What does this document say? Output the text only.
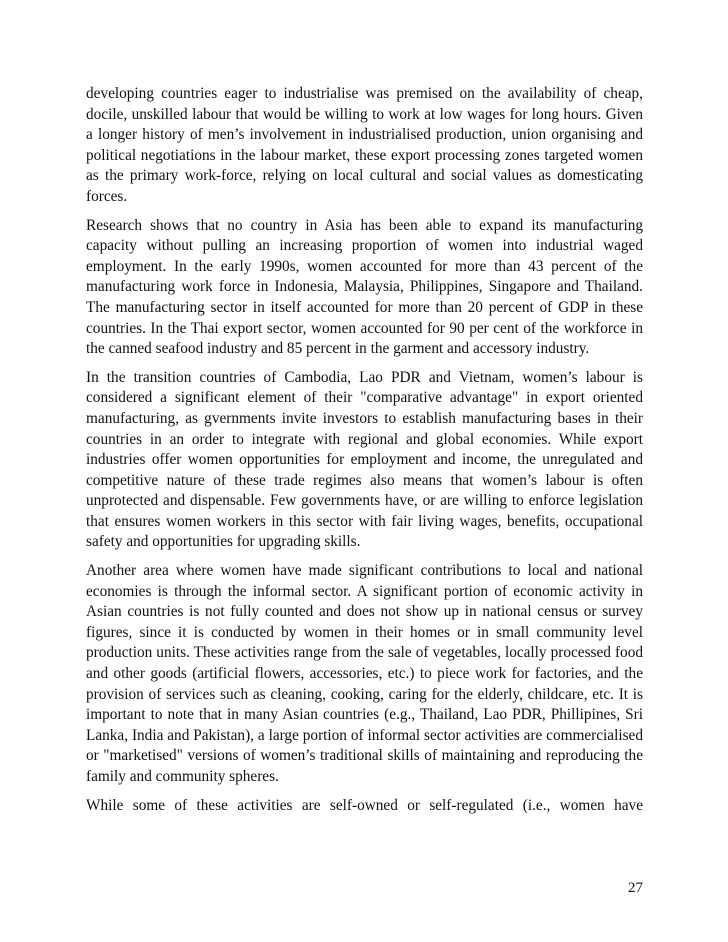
developing countries eager to industrialise was premised on the availability of cheap, docile, unskilled labour that would be willing to work at low wages for long hours. Given a longer history of men’s involvement in industrialised production, union organising and political negotiations in the labour market, these export processing zones targeted women as the primary work-force, relying on local cultural and social values as domesticating forces.

Research shows that no country in Asia has been able to expand its manufacturing capacity without pulling an increasing proportion of women into industrial waged employment. In the early 1990s, women accounted for more than 43 percent of the manufacturing work force in Indonesia, Malaysia, Philippines, Singapore and Thailand. The manufacturing sector in itself accounted for more than 20 percent of GDP in these countries. In the Thai export sector, women accounted for 90 per cent of the workforce in the canned seafood industry and 85 percent in the garment and accessory industry.

In the transition countries of Cambodia, Lao PDR and Vietnam, women’s labour is considered a significant element of their "comparative advantage" in export oriented manufacturing, as gvernments invite investors to establish manufacturing bases in their countries in an order to integrate with regional and global economies. While export industries offer women opportunities for employment and income, the unregulated and competitive nature of these trade regimes also means that women’s labour is often unprotected and dispensable. Few governments have, or are willing to enforce legislation that ensures women workers in this sector with fair living wages, benefits, occupational safety and opportunities for upgrading skills.

Another area where women have made significant contributions to local and national economies is through the informal sector. A significant portion of economic activity in Asian countries is not fully counted and does not show up in national census or survey figures, since it is conducted by women in their homes or in small community level production units. These activities range from the sale of vegetables, locally processed food and other goods (artificial flowers, accessories, etc.) to piece work for factories, and the provision of services such as cleaning, cooking, caring for the elderly, childcare, etc. It is important to note that in many Asian countries (e.g., Thailand, Lao PDR, Phillipines, Sri Lanka, India and Pakistan), a large portion of informal sector activities are commercialised or "marketised" versions of women’s traditional skills of maintaining and reproducing the family and community spheres.

While some of these activities are self-owned or self-regulated (i.e., women have

27
